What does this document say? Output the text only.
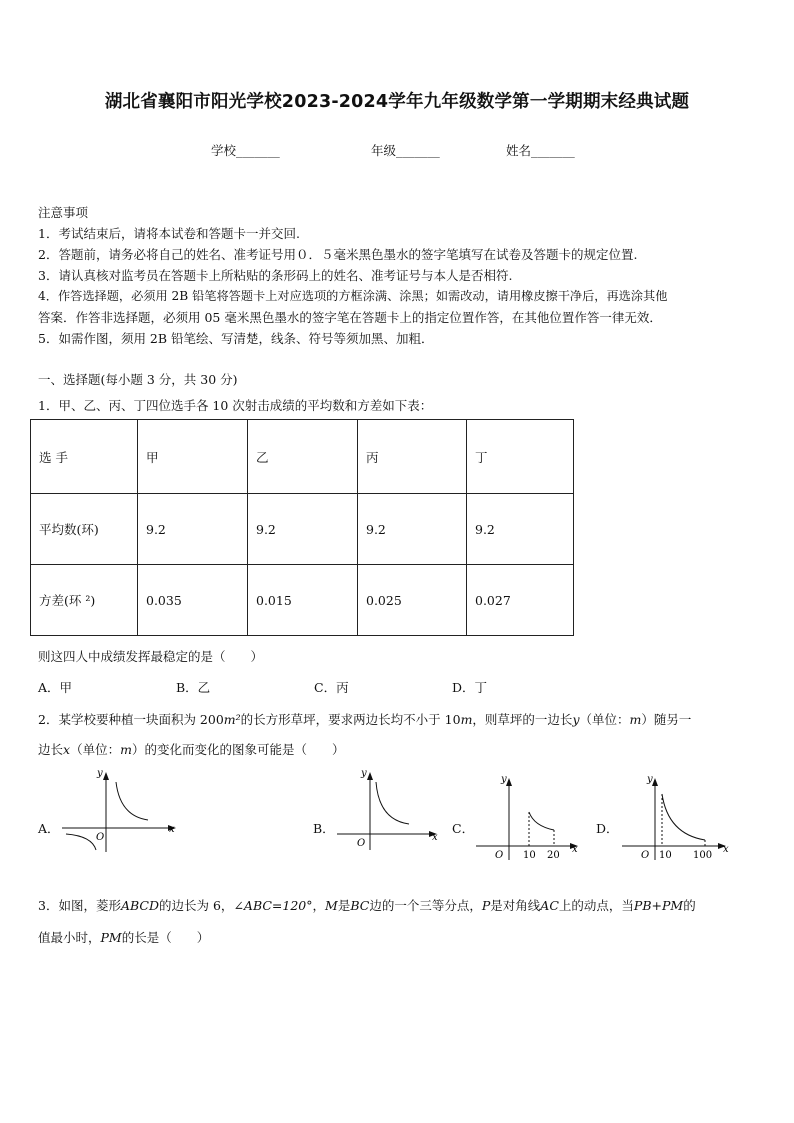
湖北省襄阳市阳光学校2023-2024学年九年级数学第一学期期末经典试题
学校_______	年级_______	姓名_______
注意事项
1．考试结束后，请将本试卷和答题卡一并交回.
2．答题前，请务必将自己的姓名、准考证号用０．５毫米黑色墨水的签字笔填写在试卷及答题卡的规定位置.
3．请认真核对监考员在答题卡上所粘贴的条形码上的姓名、准考证号与本人是否相符.
4．作答选择题，必须用 2B 铅笔将答题卡上对应选项的方框涂满、涂黑；如需改动，请用橡皮擦干净后，再选涂其他
答案．作答非选择题，必须用 05 毫米黑色墨水的签字笔在答题卡上的指定位置作答，在其他位置作答一律无效．
5．如需作图，须用 2B 铅笔绘、写清楚，线条、符号等须加黑、加粗．
一、选择题(每小题 3 分，共 30 分)
1．甲、乙、丙、丁四位选手各 10 次射击成绩的平均数和方差如下表：
选 手	甲	乙	丙	丁
平均数(环)	9.2	9.2	9.2	9.2
方差(环 ²)	0.035	0.015	0.025	0.027
则这四人中成绩发挥最稳定的是（　　）
A．甲	B．乙	C．丙	D．丁
2．某学校要种植一块面积为 200m²的长方形草坪，要求两边长均不小于 10m，则草坪的一边长y（单位：m）随另一
边长x（单位：m）的变化而变化的图象可能是（　　）
A．	B．	C．	D．
y
x
O
y
x
O
y
x
O 10 20
y
x
O 10 100
3．如图，菱形ABCD的边长为 6，∠ABC=120°，M是BC边的一个三等分点，P是对角线AC上的动点，当PB+PM的
值最小时，PM的长是（　　）
